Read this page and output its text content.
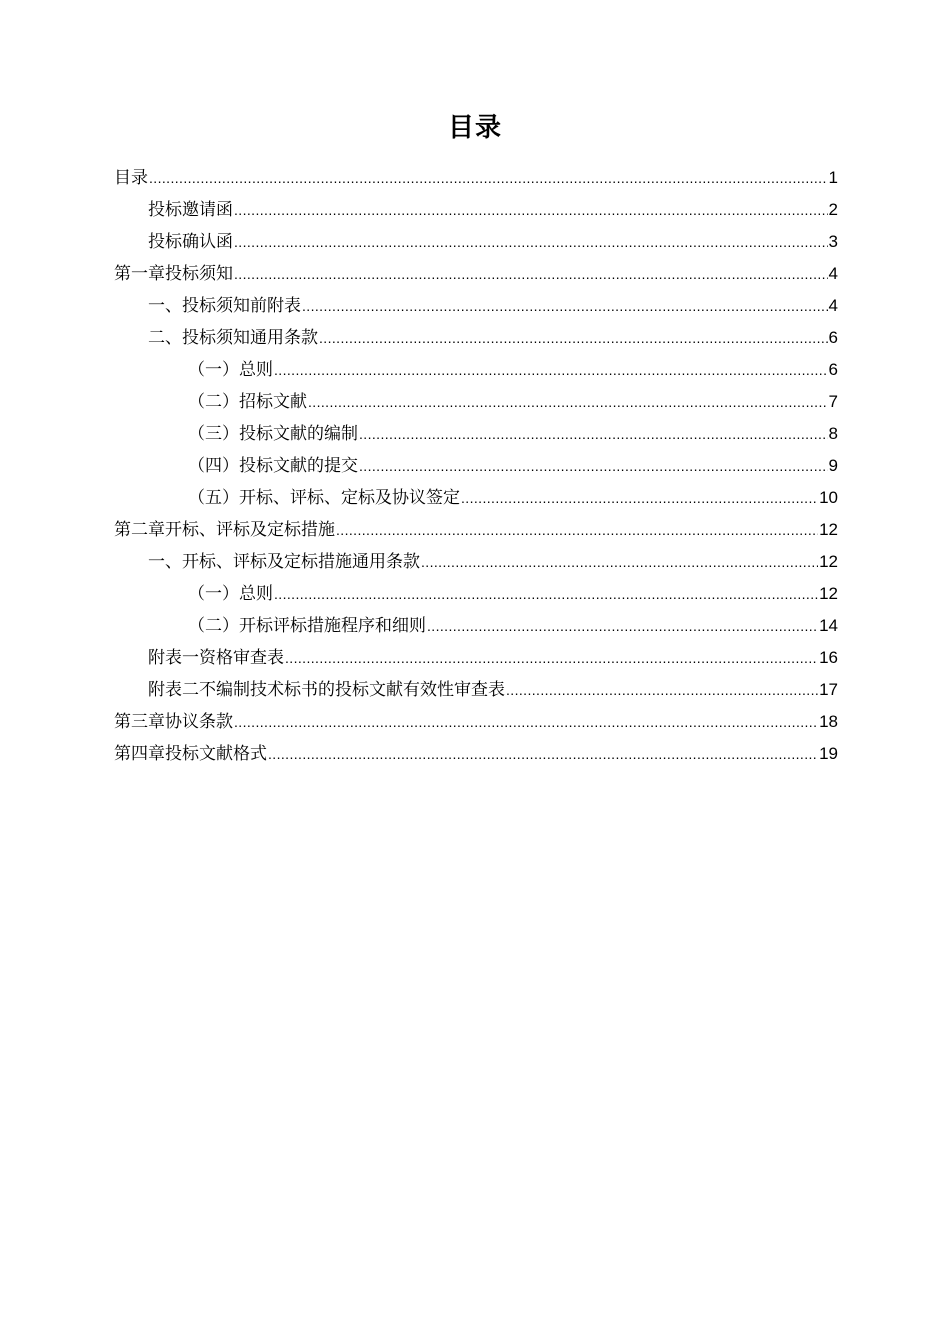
目录
目录 .....	1
投标邀请函 .....	2
投标确认函 .....	3
第一章投标须知 .....	4
一、投标须知前附表 .....	4
二、投标须知通用条款 .....	6
（一）总则 .....	6
（二）招标文献 .....	7
（三）投标文献的编制 .....	8
（四）投标文献的提交 .....	9
（五）开标、评标、定标及协议签定 .....	10
第二章开标、评标及定标措施 .....	12
一、开标、评标及定标措施通用条款 .....	12
（一）总则 .....	12
（二）开标评标措施程序和细则 .....	14
附表一资格审查表 .....	16
附表二不编制技术标书的投标文献有效性审查表 .....	17
第三章协议条款 .....	18
第四章投标文献格式 .....	19
